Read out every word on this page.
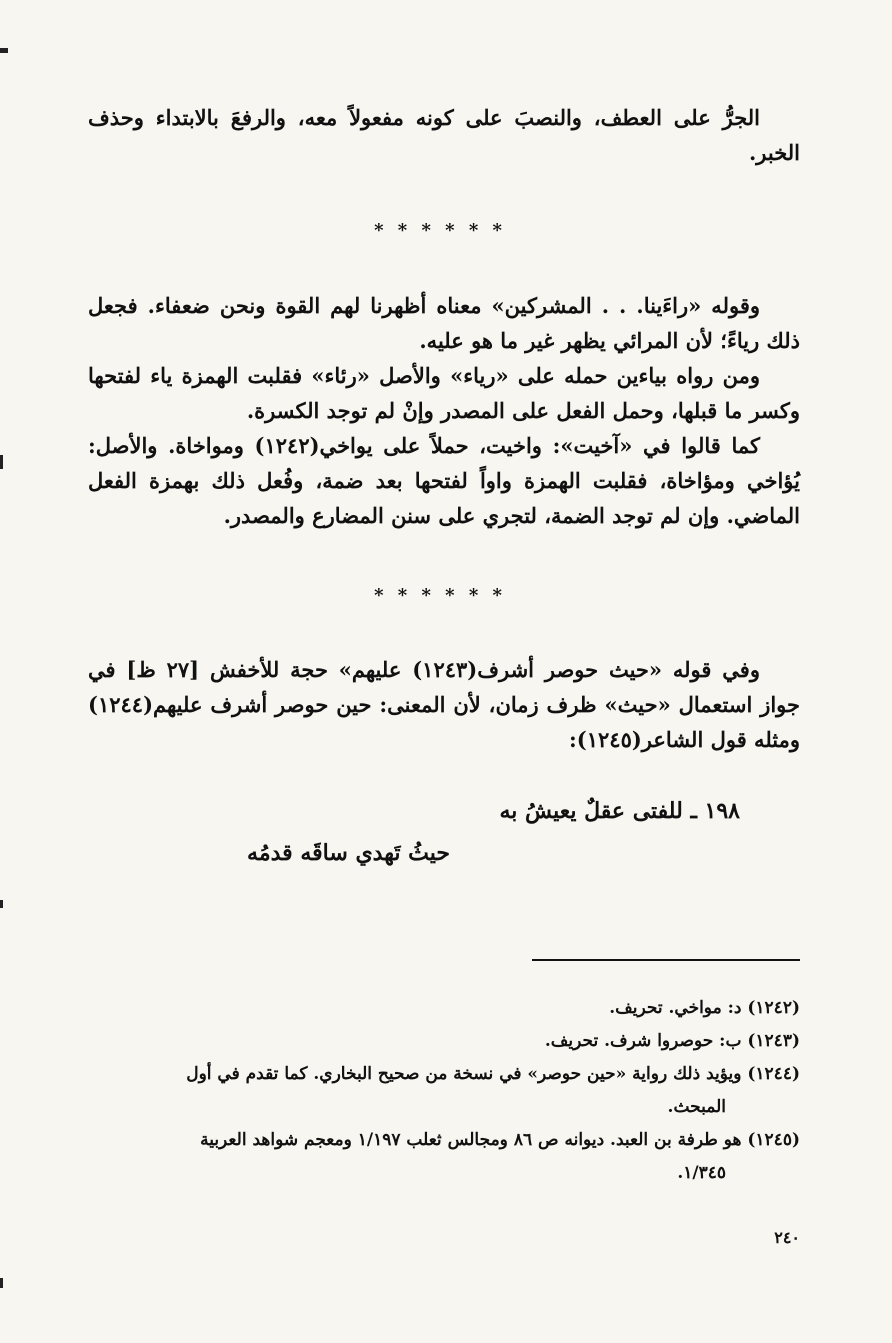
الجرُّ على العطف، والنصبَ على كونه مفعولاً معه، والرفعَ بالابتداء وحذف الخبر.

* * * * * *

وقوله «راءَينا. . . المشركين» معناه أظهرنا لهم القوة ونحن ضعفاء. فجعل ذلك رياءً؛ لأن المرائي يظهر غير ما هو عليه.

ومن رواه بياءين حمله على «رياء» والأصل «رئاء» فقلبت الهمزة ياء لفتحها وكسر ما قبلها، وحمل الفعل على المصدر وإنْ لم توجد الكسرة.

كما قالوا في «آخيت»: واخيت، حملاً على يواخي(١٢٤٢) ومواخاة. والأصل: يُؤاخي ومؤاخاة، فقلبت الهمزة واواً لفتحها بعد ضمة، وفُعل ذلك بهمزة الفعل الماضي. وإن لم توجد الضمة، لتجري على سنن المضارع والمصدر.

* * * * * *

وفي قوله «حيث حوصر أشرف(١٢٤٣) عليهم» حجة للأخفش [٢٧ ظ] في جواز استعمال «حيث» ظرف زمان، لأن المعنى: حين حوصر أشرف عليهم(١٢٤٤) ومثله قول الشاعر(١٢٤٥):

١٩٨ ـ للفتى عقلٌ يعيشُ به
حيثُ تَهدي ساقَه قدمُه

(١٢٤٢) د: مواخي. تحريف.

(١٢٤٣) ب: حوصروا شرف. تحريف.

(١٢٤٤) ويؤيد ذلك رواية «حين حوصر» في نسخة من صحيح البخاري. كما تقدم في أول
المبحث.

(١٢٤٥) هو طرفة بن العبد. ديوانه ص ٨٦ ومجالس ثعلب ١/١٩٧ ومعجم شواهد العربية
١/٣٤٥.

٢٤٠
